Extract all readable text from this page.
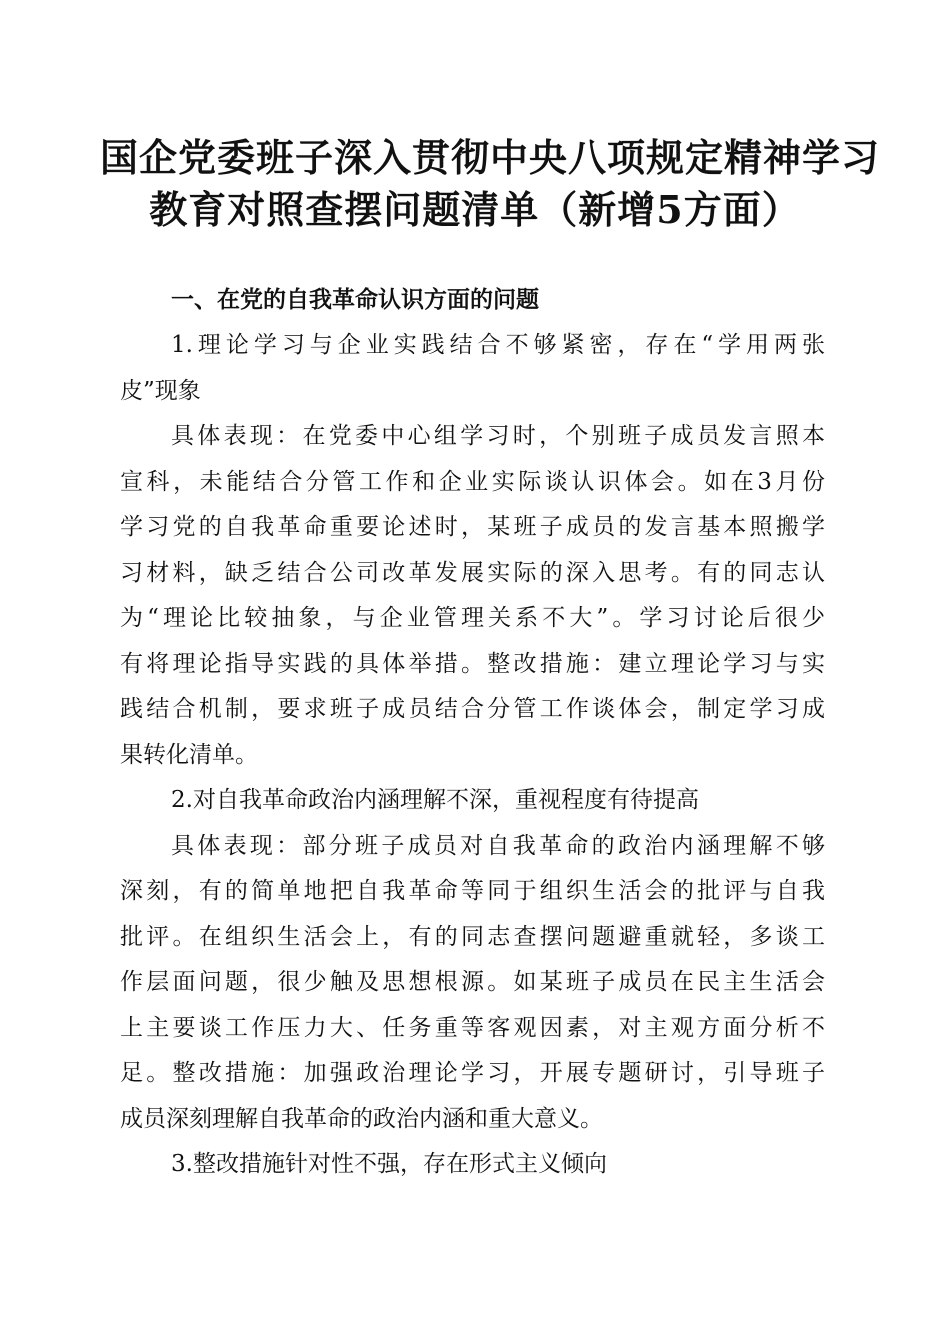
国企党委班子深入贯彻中央八项规定精神学习
教育对照查摆问题清单（新增5方面）

一、在党的自我革命认识方面的问题

1.理论学习与企业实践结合不够紧密，存在“学用两张

皮”现象

具体表现：在党委中心组学习时，个别班子成员发言照本

宣科，未能结合分管工作和企业实际谈认识体会。如在3月份

学习党的自我革命重要论述时，某班子成员的发言基本照搬学

习材料，缺乏结合公司改革发展实际的深入思考。有的同志认

为“理论比较抽象，与企业管理关系不大”。学习讨论后很少

有将理论指导实践的具体举措。整改措施：建立理论学习与实

践结合机制，要求班子成员结合分管工作谈体会，制定学习成

果转化清单。

2.对自我革命政治内涵理解不深，重视程度有待提高

具体表现：部分班子成员对自我革命的政治内涵理解不够

深刻，有的简单地把自我革命等同于组织生活会的批评与自我

批评。在组织生活会上，有的同志查摆问题避重就轻，多谈工

作层面问题，很少触及思想根源。如某班子成员在民主生活会

上主要谈工作压力大、任务重等客观因素，对主观方面分析不

足。整改措施：加强政治理论学习，开展专题研讨，引导班子

成员深刻理解自我革命的政治内涵和重大意义。

3.整改措施针对性不强，存在形式主义倾向
